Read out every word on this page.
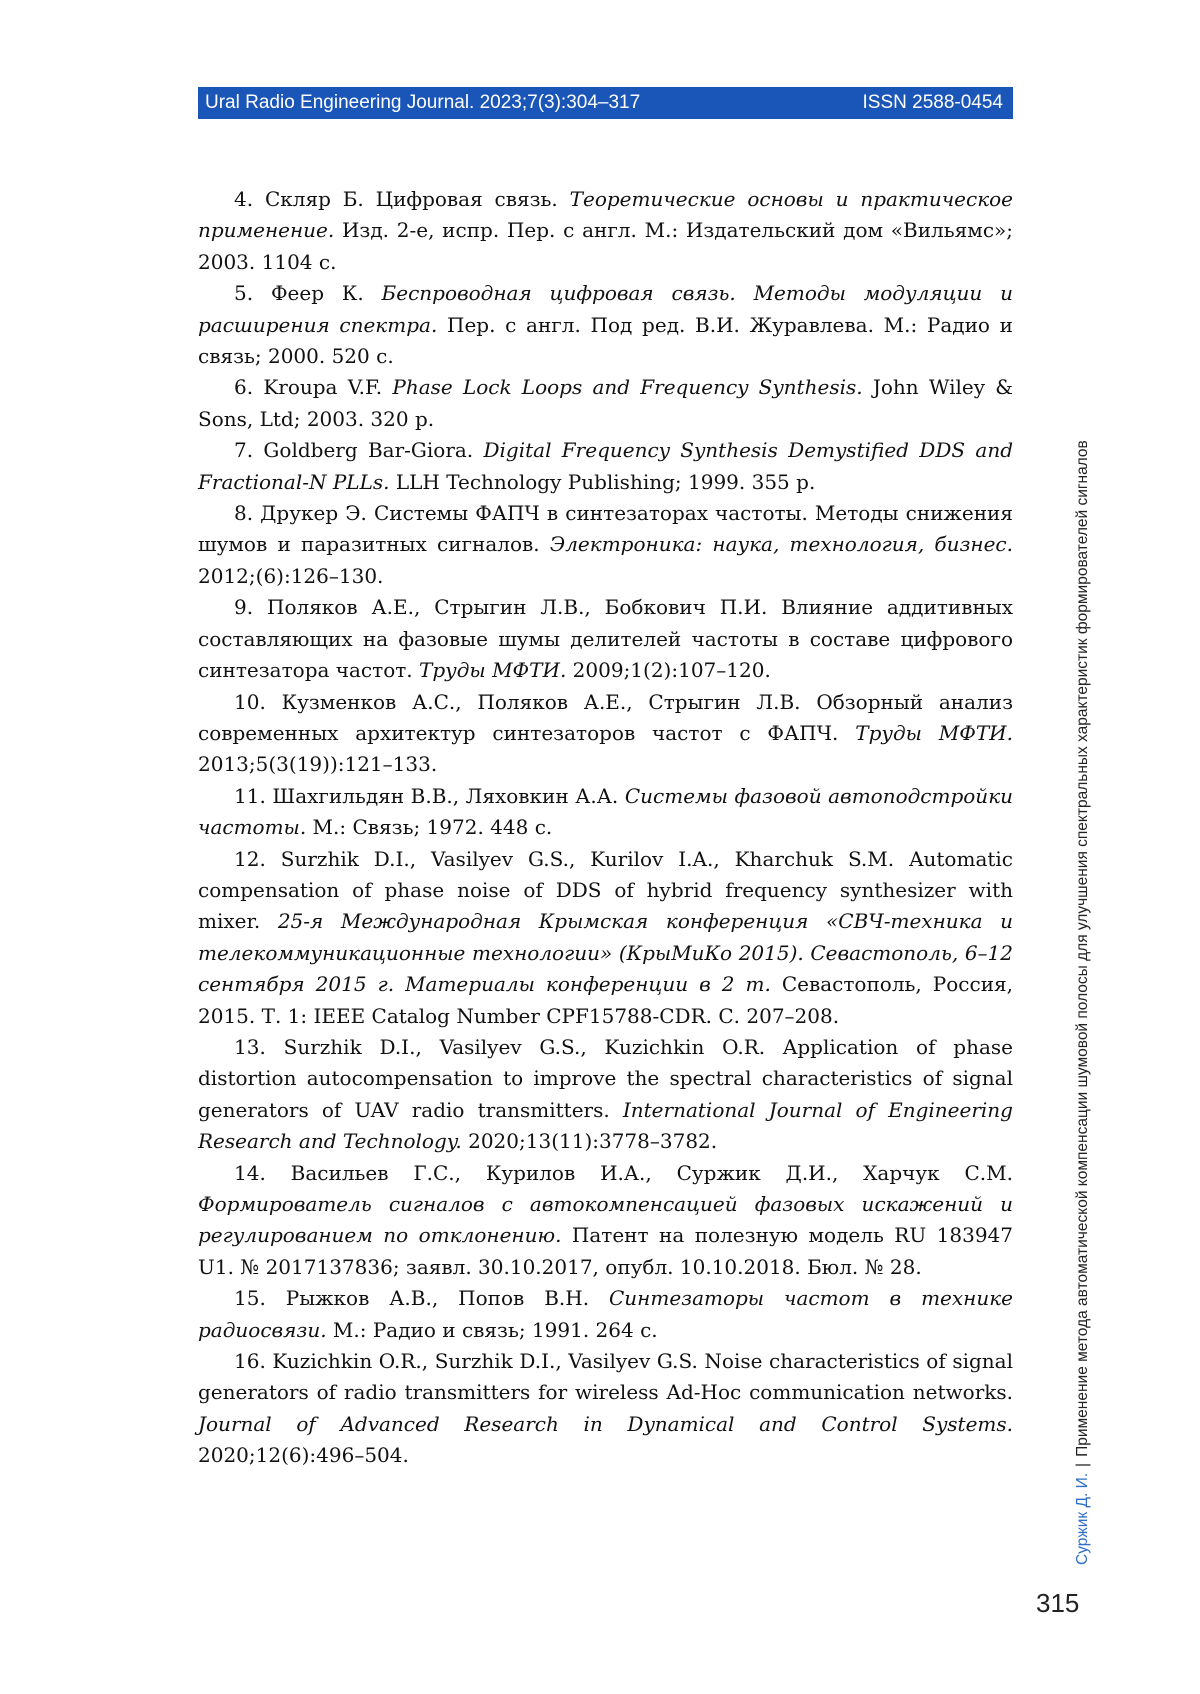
Ural Radio Engineering Journal. 2023;7(3):304–317	ISSN 2588-0454

4. Скляр Б. Цифровая связь. Теоретические основы и практическое применение. Изд. 2-е, испр. Пер. с англ. М.: Издательский дом «Вильямс»; 2003. 1104 с.

5. Феер К. Беспроводная цифровая связь. Методы модуляции и расширения спектра. Пер. с англ. Под ред. В.И. Журавлева. М.: Радио и связь; 2000. 520 с.

6. Kroupa V.F. Phase Lock Loops and Frequency Synthesis. John Wiley & Sons, Ltd; 2003. 320 p.

7. Goldberg Bar-Giora. Digital Frequency Synthesis Demystified DDS and Fractional-N PLLs. LLH Technology Publishing; 1999. 355 p.

8. Друкер Э. Системы ФАПЧ в синтезаторах частоты. Методы снижения шумов и паразитных сигналов. Электроника: наука, технология, бизнес. 2012;(6):126–130.

9. Поляков А.Е., Стрыгин Л.В., Бобкович П.И. Влияние аддитивных составляющих на фазовые шумы делителей частоты в составе цифрового синтезатора частот. Труды МФТИ. 2009;1(2):107–120.

10. Кузменков А.С., Поляков А.Е., Стрыгин Л.В. Обзорный анализ современных архитектур синтезаторов частот с ФАПЧ. Труды МФТИ. 2013;5(3(19)):121–133.

11. Шахгильдян В.В., Ляховкин А.А. Системы фазовой автоподстройки частоты. М.: Связь; 1972. 448 с.

12. Surzhik D.I., Vasilyev G.S., Kurilov I.A., Kharchuk S.M. Automatic compensation of phase noise of DDS of hybrid frequency synthesizer with mixer. 25-я Международная Крымская конференция «СВЧ-техника и телекоммуникационные технологии» (КрыМиКо 2015). Севастополь, 6–12 сентября 2015 г. Материалы конференции в 2 т. Севастополь, Россия, 2015. Т. 1: IEEE Catalog Number CPF15788-CDR. С. 207–208.

13. Surzhik D.I., Vasilyev G.S., Kuzichkin O.R. Application of phase distortion autocompensation to improve the spectral characteristics of signal generators of UAV radio transmitters. International Journal of Engineering Research and Technology. 2020;13(11):3778–3782.

14. Васильев Г.С., Курилов И.А., Суржик Д.И., Харчук С.М. Формирователь сигналов с автокомпенсацией фазовых искажений и регулированием по отклонению. Патент на полезную модель RU 183947 U1. № 2017137836; заявл. 30.10.2017, опубл. 10.10.2018. Бюл. № 28.

15. Рыжков А.В., Попов В.Н. Синтезаторы частот в технике радиосвязи. М.: Радио и связь; 1991. 264 с.

16. Kuzichkin O.R., Surzhik D.I., Vasilyev G.S. Noise characteristics of signal generators of radio transmitters for wireless Ad-Hoc communication networks. Journal of Advanced Research in Dynamical and Control Systems. 2020;12(6):496–504.

Суржик Д. И.|Применение метода автоматической компенсации шумовой полосы для улучшения спектральных характеристик формирователей сигналов
315
